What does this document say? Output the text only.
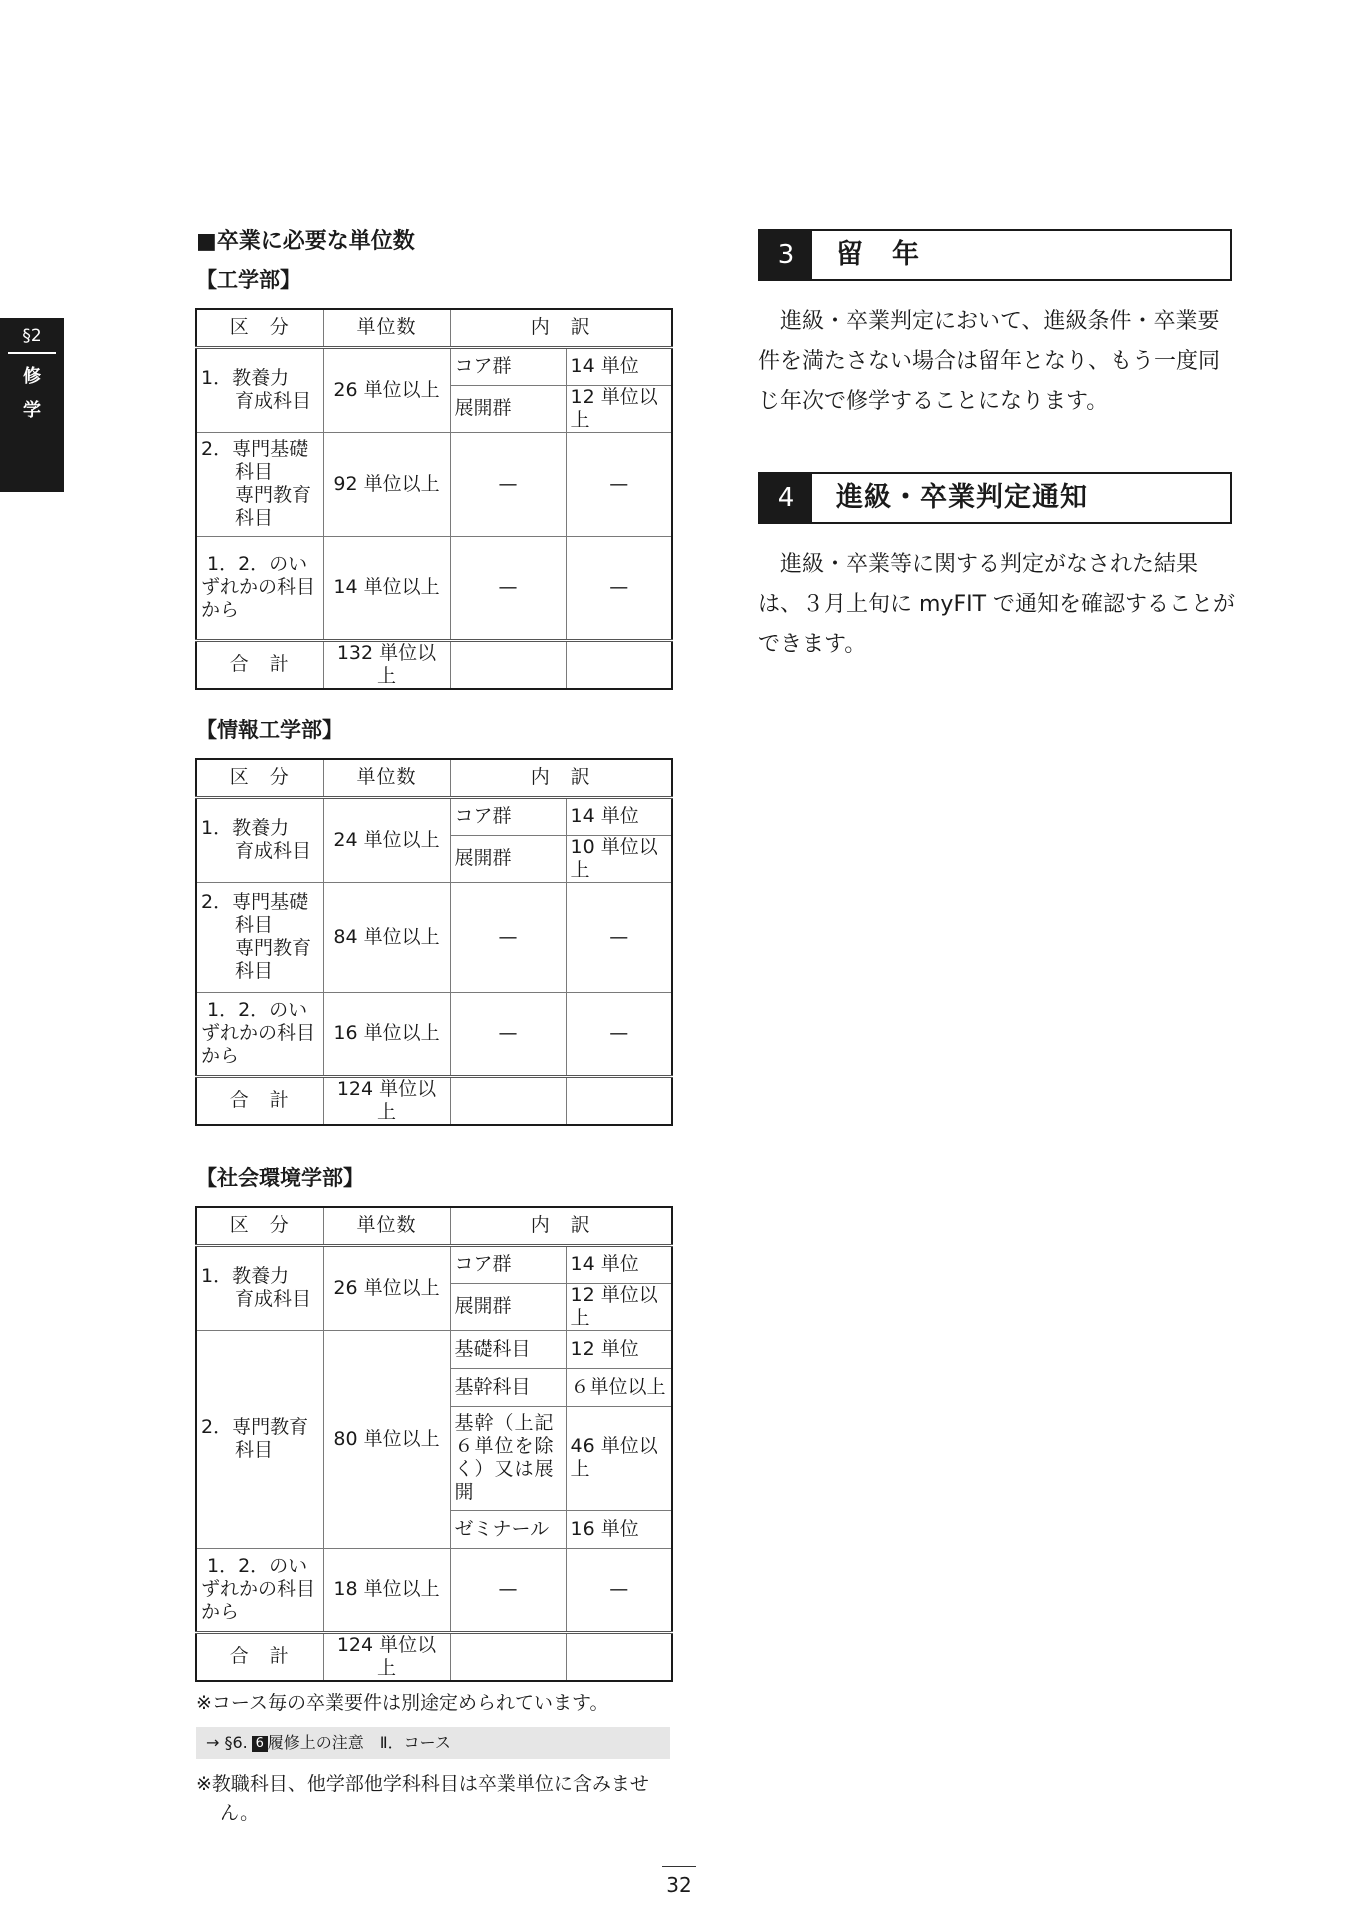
§2
修
学
■卒業に必要な単位数
【工学部】
区　分	単位数	内　訳	
1．教養力
育成科目	26 単位以上	コア群	14 単位
		展開群	12 単位以上
2．専門基礎
科目
専門教育
科目	92 単位以上	—	—
1．2．のい
ずれかの科目
から	14 単位以上	—	—
合　計	132 単位以上		
【情報工学部】
区　分	単位数	内　訳	
1．教養力
育成科目	24 単位以上	コア群	14 単位
		展開群	10 単位以上
2．専門基礎
科目
専門教育
科目	84 単位以上	—	—
1．2．のい
ずれかの科目
から	16 単位以上	—	—
合　計	124 単位以上		
【社会環境学部】
区　分	単位数	内　訳	
1．教養力
育成科目	26 単位以上	コア群	14 単位
		展開群	12 単位以上
2．専門教育
科目	80 単位以上	基礎科目	12 単位
		基幹科目	６単位以上
		基幹（上記６単位を除く）又は展開	46 単位以上
		ゼミナール	16 単位
1．2．のい
ずれかの科目
から	18 単位以上	—	—
合　計	124 単位以上		

※コース毎の卒業要件は別途定められています。

→ §6. 6 履修上の注意　Ⅱ．コース

※教職科目、他学部他学科科目は卒業単位に含みませ
ん。

3	留　年

進級・卒業判定において、進級条件・卒業要件を満たさない場合は留年となり、もう一度同じ年次で修学することになります。

4	進級・卒業判定通知

進級・卒業等に関する判定がなされた結果は、３月上旬に myFIT で通知を確認することができます。

32
